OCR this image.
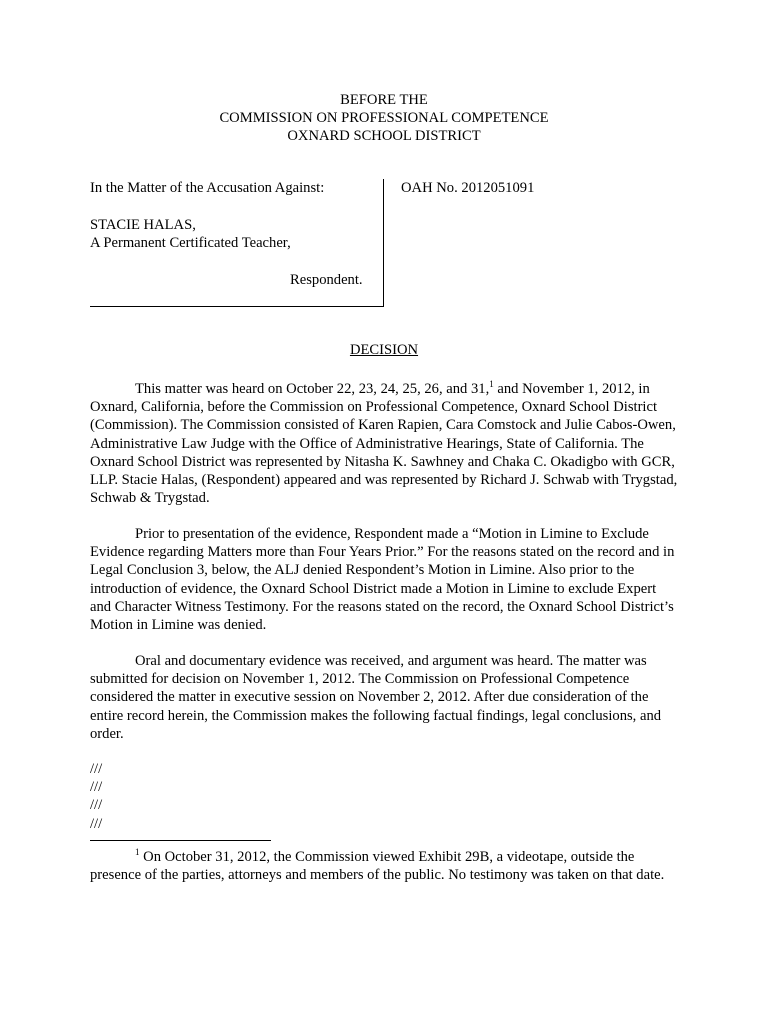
BEFORE THE
COMMISSION ON PROFESSIONAL COMPETENCE
OXNARD SCHOOL DISTRICT
In the Matter of the Accusation Against:
STACIE HALAS,
A Permanent Certificated Teacher,
Respondent.
OAH No. 2012051091
DECISION

This matter was heard on October 22, 23, 24, 25, 26, and 31,$^1$ and November 1, 2012, in Oxnard, California, before the Commission on Professional Competence, Oxnard School District (Commission). The Commission consisted of Karen Rapien, Cara Comstock and Julie Cabos-Owen, Administrative Law Judge with the Office of Administrative Hearings, State of California. The Oxnard School District was represented by Nitasha K. Sawhney and Chaka C. Okadigbo with GCR, LLP. Stacie Halas, (Respondent) appeared and was represented by Richard J. Schwab with Trygstad, Schwab & Trygstad.

Prior to presentation of the evidence, Respondent made a “Motion in Limine to Exclude Evidence regarding Matters more than Four Years Prior.” For the reasons stated on the record and in Legal Conclusion 3, below, the ALJ denied Respondent’s Motion in Limine. Also prior to the introduction of evidence, the Oxnard School District made a Motion in Limine to exclude Expert and Character Witness Testimony. For the reasons stated on the record, the Oxnard School District’s Motion in Limine was denied.

Oral and documentary evidence was received, and argument was heard. The matter was submitted for decision on November 1, 2012. The Commission on Professional Competence considered the matter in executive session on November 2, 2012. After due consideration of the entire record herein, the Commission makes the following factual findings, legal conclusions, and order.

///
///
///
///

$^1$ On October 31, 2012, the Commission viewed Exhibit 29B, a videotape, outside the presence of the parties, attorneys and members of the public. No testimony was taken on that date.
